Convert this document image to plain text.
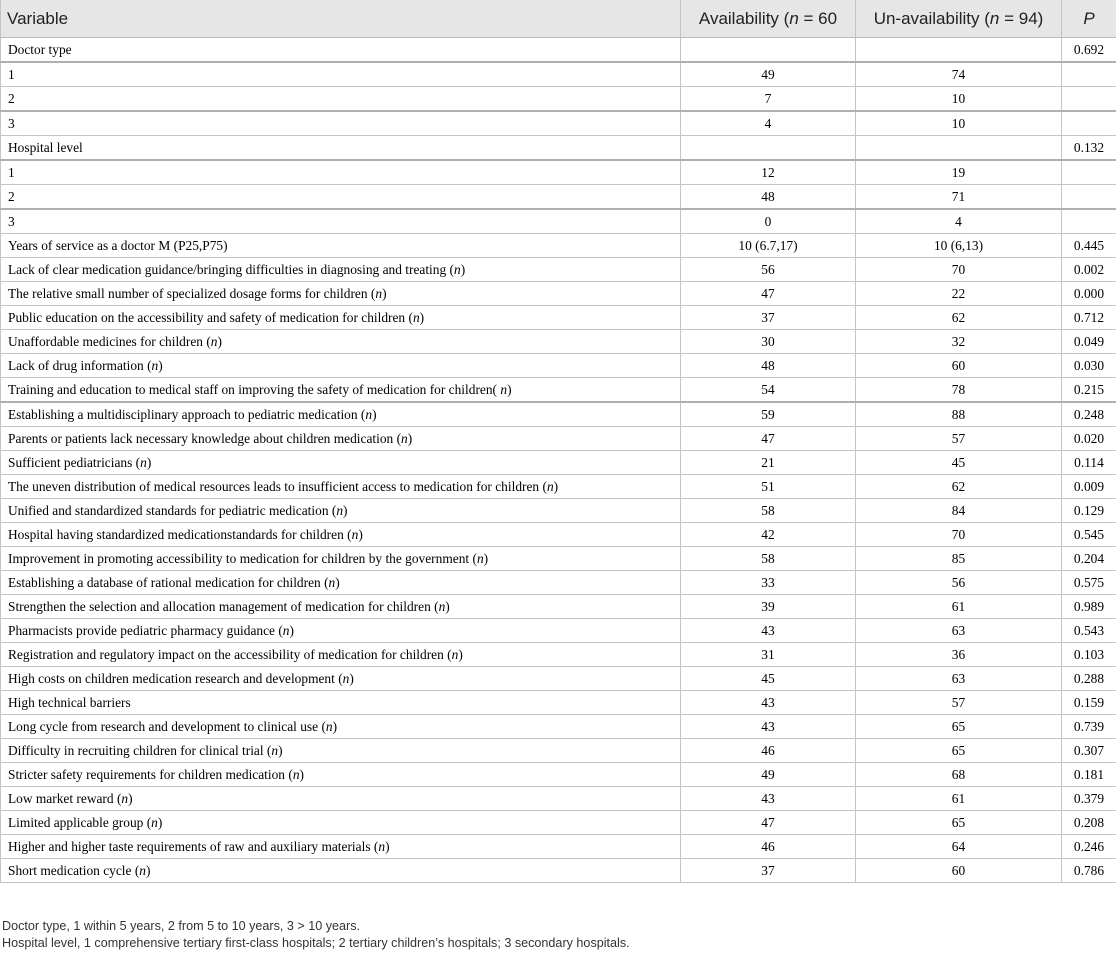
Variable	Availability (n = 60	Un-availability (n = 94)	P
Doctor type			0.692
1	49	74	
2	7	10	
3	4	10	
Hospital level			0.132
1	12	19	
2	48	71	
3	0	4	
Years of service as a doctor M (P25,P75)	10 (6.7,17)	10 (6,13)	0.445
Lack of clear medication guidance/bringing difficulties in diagnosing and treating (n)	56	70	0.002
The relative small number of specialized dosage forms for children (n)	47	22	0.000
Public education on the accessibility and safety of medication for children (n)	37	62	0.712
Unaffordable medicines for children (n)	30	32	0.049
Lack of drug information (n)	48	60	0.030
Training and education to medical staff on improving the safety of medication for children( n)	54	78	0.215
Establishing a multidisciplinary approach to pediatric medication (n)	59	88	0.248
Parents or patients lack necessary knowledge about children medication (n)	47	57	0.020
Sufficient pediatricians (n)	21	45	0.114
The uneven distribution of medical resources leads to insufficient access to medication for children (n)	51	62	0.009
Unified and standardized standards for pediatric medication (n)	58	84	0.129
Hospital having standardized medicationstandards for children (n)	42	70	0.545
Improvement in promoting accessibility to medication for children by the government (n)	58	85	0.204
Establishing a database of rational medication for children (n)	33	56	0.575
Strengthen the selection and allocation management of medication for children (n)	39	61	0.989
Pharmacists provide pediatric pharmacy guidance (n)	43	63	0.543
Registration and regulatory impact on the accessibility of medication for children (n)	31	36	0.103
High costs on children medication research and development (n)	45	63	0.288
High technical barriers	43	57	0.159
Long cycle from research and development to clinical use (n)	43	65	0.739
Difficulty in recruiting children for clinical trial (n)	46	65	0.307
Stricter safety requirements for children medication (n)	49	68	0.181
Low market reward (n)	43	61	0.379
Limited applicable group (n)	47	65	0.208
Higher and higher taste requirements of raw and auxiliary materials (n)	46	64	0.246
Short medication cycle (n)	37	60	0.786
Doctor type, 1 within 5 years, 2 from 5 to 10 years, 3 > 10 years.
Hospital level, 1 comprehensive tertiary first-class hospitals; 2 tertiary children’s hospitals; 3 secondary hospitals.
